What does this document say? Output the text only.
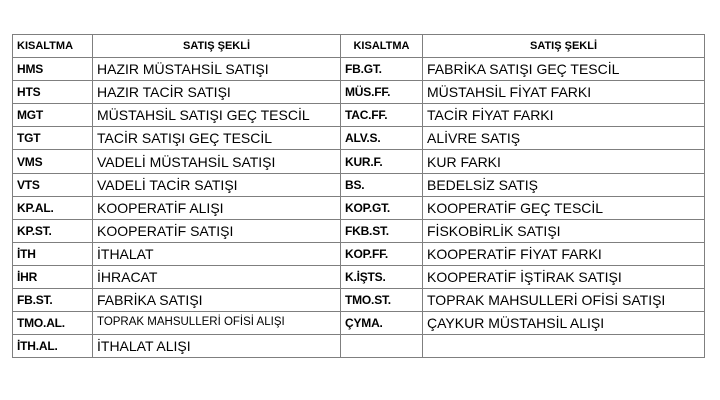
KISALTMA	SATIŞ ŞEKLİ	KISALTMA	SATIŞ ŞEKLİ
HMS	HAZIR MÜSTAHSİL SATIŞI	FB.GT.	FABRİKA SATIŞI GEÇ TESCİL
HTS	HAZIR TACİR SATIŞI	MÜS.FF.	MÜSTAHSİL FİYAT FARKI
MGT	MÜSTAHSİL SATIŞI GEÇ TESCİL	TAC.FF.	TACİR FİYAT FARKI
TGT	TACİR SATIŞI GEÇ TESCİL	ALV.S.	ALİVRE SATIŞ
VMS	VADELİ MÜSTAHSİL SATIŞI	KUR.F.	KUR FARKI
VTS	VADELİ TACİR SATIŞI	BS.	BEDELSİZ SATIŞ
KP.AL.	KOOPERATİF ALIŞI	KOP.GT.	KOOPERATİF GEÇ TESCİL
KP.ST.	KOOPERATİF SATIŞI	FKB.ST.	FİSKOBİRLİK SATIŞI
İTH	İTHALAT	KOP.FF.	KOOPERATİF FİYAT FARKI
İHR	İHRACAT	K.İŞTS.	KOOPERATİF İŞTİRAK SATIŞI
FB.ST.	FABRİKA SATIŞI	TMO.ST.	TOPRAK MAHSULLERİ OFİSİ SATIŞI
TMO.AL.	TOPRAK MAHSULLERİ OFİSİ ALIŞI	ÇYMA.	ÇAYKUR MÜSTAHSİL ALIŞI
İTH.AL.	İTHALAT ALIŞI		
